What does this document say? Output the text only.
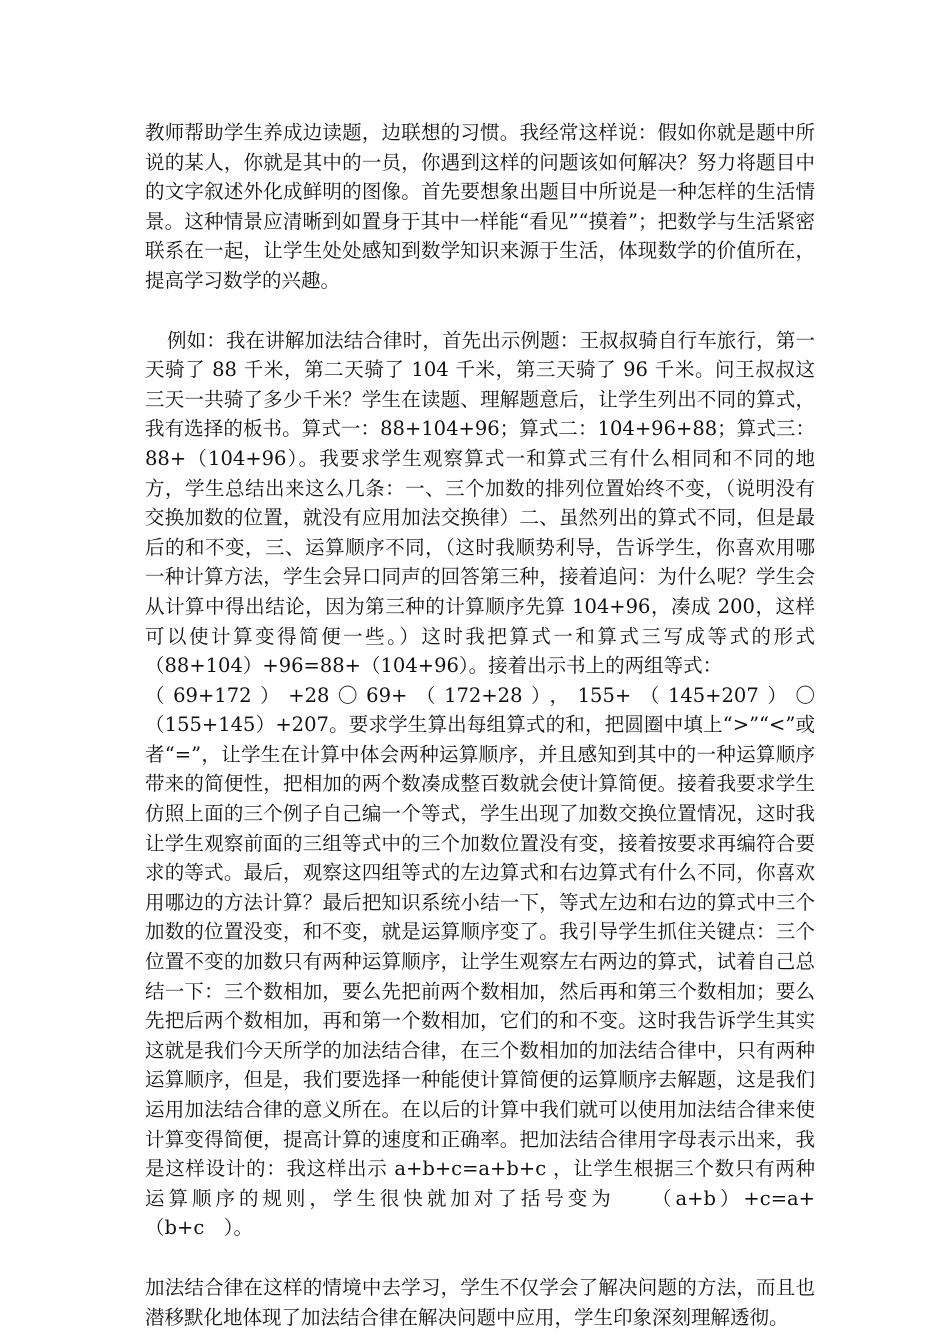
教师帮助学生养成边读题，边联想的习惯。我经常这样说：假如你就是题中所说的某人，你就是其中的一员，你遇到这样的问题该如何解决？努力将题目中的文字叙述外化成鲜明的图像。首先要想象出题目中所说是一种怎样的生活情景。这种情景应清晰到如置身于其中一样能“看见”“摸着”；把数学与生活紧密联系在一起，让学生处处感知到数学知识来源于生活，体现数学的价值所在，提高学习数学的兴趣。

例如：我在讲解加法结合律时，首先出示例题：王叔叔骑自行车旅行，第一天骑了 88 千米，第二天骑了 104 千米，第三天骑了 96 千米。问王叔叔这三天一共骑了多少千米？学生在读题、理解题意后，让学生列出不同的算式，我有选择的板书。算式一：88+104+96；算式二：104+96+88；算式三：88+（104+96）。我要求学生观察算式一和算式三有什么相同和不同的地方，学生总结出来这么几条：一、三个加数的排列位置始终不变，（说明没有交换加数的位置，就没有应用加法交换律）二、虽然列出的算式不同，但是最后的和不变，三、运算顺序不同，（这时我顺势利导，告诉学生，你喜欢用哪一种计算方法，学生会异口同声的回答第三种，接着追问：为什么呢？学生会从计算中得出结论，因为第三种的计算顺序先算 104+96，凑成 200，这样可以使计算变得简便一些。）这时我把算式一和算式三写成等式的形式（88+104）+96=88+（104+96）。接着出示书上的两组等式：

（69+172）+28〇69+（172+28），155+（145+207）〇（155+145）+207。要求学生算出每组算式的和，把圆圈中填上“>”“<”或者“=”，让学生在计算中体会两种运算顺序，并且感知到其中的一种运算顺序带来的简便性，把相加的两个数凑成整百数就会使计算简便。接着我要求学生仿照上面的三个例子自己编一个等式，学生出现了加数交换位置情况，这时我让学生观察前面的三组等式中的三个加数位置没有变，接着按要求再编符合要求的等式。最后，观察这四组等式的左边算式和右边算式有什么不同，你喜欢用哪边的方法计算？最后把知识系统小结一下，等式左边和右边的算式中三个加数的位置没变，和不变，就是运算顺序变了。我引导学生抓住关键点：三个位置不变的加数只有两种运算顺序，让学生观察左右两边的算式，试着自己总结一下：三个数相加，要么先把前两个数相加，然后再和第三个数相加；要么先把后两个数相加，再和第一个数相加，它们的和不变。这时我告诉学生其实这就是我们今天所学的加法结合律，在三个数相加的加法结合律中，只有两种运算顺序，但是，我们要选择一种能使计算简便的运算顺序去解题，这是我们运用加法结合律的意义所在。在以后的计算中我们就可以使用加法结合律来使计算变得简便，提高计算的速度和正确率。把加法结合律用字母表示出来，我是这样设计的：我这样出示 a+b+c=a+b+c ，让学生根据三个数只有两种运算顺序的规则，学生很快就加对了括号变为　　（a+b）+c=a+（b+c　）。

加法结合律在这样的情境中去学习，学生不仅学会了解决问题的方法，而且也潜移默化地体现了加法结合律在解决问题中应用，学生印象深刻理解透彻。
